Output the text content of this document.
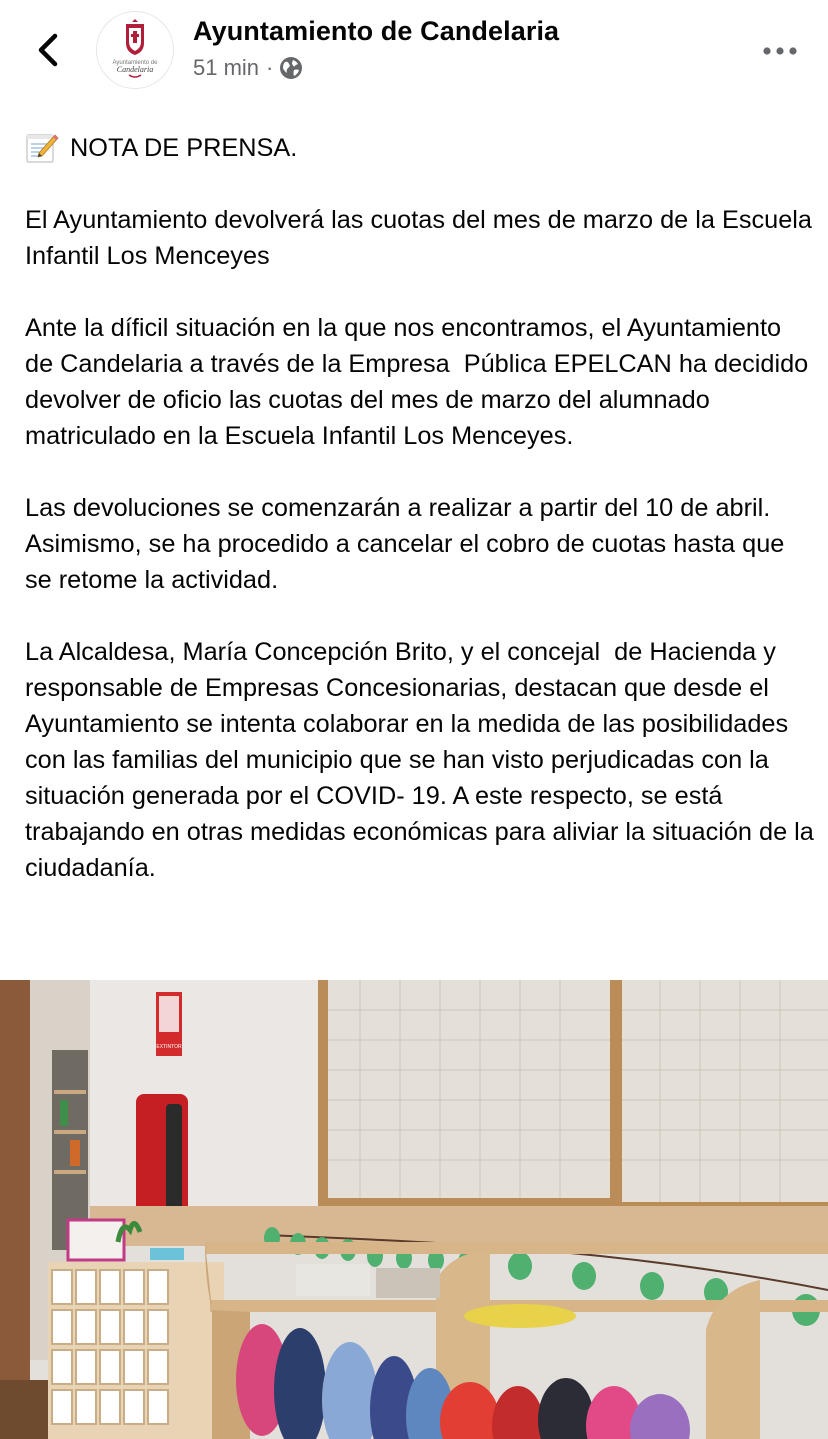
Ayuntamiento de
Candelaria
Ayuntamiento de Candelaria
51 min ·

NOTA DE PRENSA.

El Ayuntamiento devolverá las cuotas del mes de marzo de la Escuela Infantil Los Menceyes

Ante la díficil situación en la que nos encontramos, el Ayuntamiento de Candelaria a través de la Empresa  Pública EPELCAN ha decidido devolver de oficio las cuotas del mes de marzo del alumnado matriculado en la Escuela Infantil Los Menceyes.

Las devoluciones se comenzarán a realizar a partir del 10 de abril.  Asimismo, se ha procedido a cancelar el cobro de cuotas hasta que se retome la actividad.

La Alcaldesa, María Concepción Brito, y el concejal  de Hacienda y responsable de Empresas Concesionarias, destacan que desde el Ayuntamiento se intenta colaborar en la medida de las posibilidades con las familias del municipio que se han visto perjudicadas con la situación generada por el COVID- 19. A este respecto, se está trabajando en otras medidas económicas para aliviar la situación de la ciudadanía.

EXTINTOR
